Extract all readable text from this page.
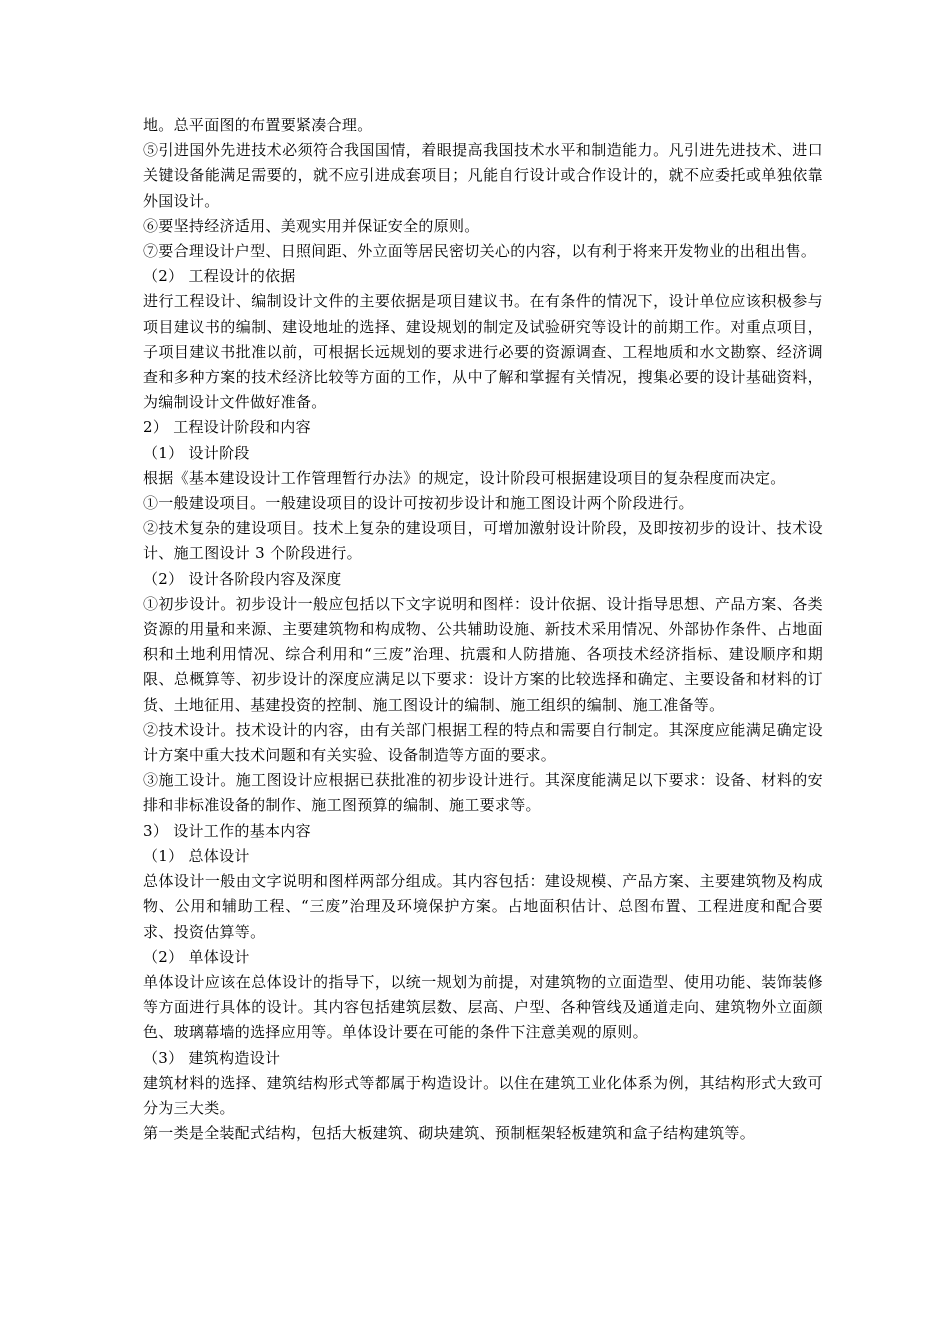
地。总平面图的布置要紧凑合理。

⑤引进国外先进技术必须符合我国国情，着眼提高我国技术水平和制造能力。凡引进先进技术、进口关键设备能满足需要的，就不应引进成套项目；凡能自行设计或合作设计的，就不应委托或单独依靠外国设计。

⑥要坚持经济适用、美观实用并保证安全的原则。

⑦要合理设计户型、日照间距、外立面等居民密切关心的内容，以有利于将来开发物业的出租出售。

（2） 工程设计的依据

进行工程设计、编制设计文件的主要依据是项目建议书。在有条件的情况下，设计单位应该积极参与项目建议书的编制、建设地址的选择、建设规划的制定及试验研究等设计的前期工作。对重点项目，子项目建议书批准以前，可根据长远规划的要求进行必要的资源调查、工程地质和水文勘察、经济调查和多种方案的技术经济比较等方面的工作，从中了解和掌握有关情况，搜集必要的设计基础资料，为编制设计文件做好准备。

2） 工程设计阶段和内容

（1） 设计阶段

根据《基本建设设计工作管理暂行办法》的规定，设计阶段可根据建设项目的复杂程度而决定。

①一般建设项目。一般建设项目的设计可按初步设计和施工图设计两个阶段进行。

②技术复杂的建设项目。技术上复杂的建设项目，可增加激射设计阶段，及即按初步的设计、技术设计、施工图设计 3 个阶段进行。

（2） 设计各阶段内容及深度

①初步设计。初步设计一般应包括以下文字说明和图样：设计依据、设计指导思想、产品方案、各类资源的用量和来源、主要建筑物和构成物、公共辅助设施、新技术采用情况、外部协作条件、占地面积和土地利用情况、综合利用和“三废”治理、抗震和人防措施、各项技术经济指标、建设顺序和期限、总概算等、初步设计的深度应满足以下要求：设计方案的比较选择和确定、主要设备和材料的订货、土地征用、基建投资的控制、施工图设计的编制、施工组织的编制、施工准备等。

②技术设计。技术设计的内容，由有关部门根据工程的特点和需要自行制定。其深度应能满足确定设计方案中重大技术问题和有关实验、设备制造等方面的要求。

③施工设计。施工图设计应根据已获批准的初步设计进行。其深度能满足以下要求：设备、材料的安排和非标准设备的制作、施工图预算的编制、施工要求等。

3） 设计工作的基本内容

（1） 总体设计

总体设计一般由文字说明和图样两部分组成。其内容包括：建设规模、产品方案、主要建筑物及构成物、公用和辅助工程、“三废”治理及环境保护方案。占地面积估计、总图布置、工程进度和配合要求、投资估算等。

（2） 单体设计

单体设计应该在总体设计的指导下，以统一规划为前提，对建筑物的立面造型、使用功能、装饰装修等方面进行具体的设计。其内容包括建筑层数、层高、户型、各种管线及通道走向、建筑物外立面颜色、玻璃幕墙的选择应用等。单体设计要在可能的条件下注意美观的原则。

（3） 建筑构造设计

建筑材料的选择、建筑结构形式等都属于构造设计。以住在建筑工业化体系为例，其结构形式大致可分为三大类。

第一类是全装配式结构，包括大板建筑、砌块建筑、预制框架轻板建筑和盒子结构建筑等。
